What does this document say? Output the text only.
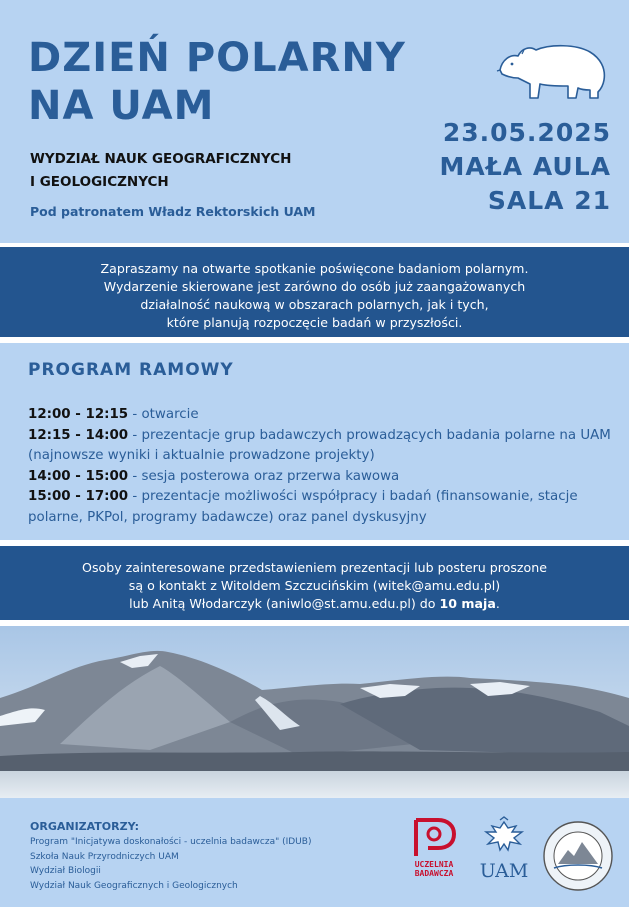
DZIEŃ POLARNY
NA UAM
WYDZIAŁ NAUK GEOGRAFICZNYCH
I GEOLOGICZNYCH
Pod patronatem Władz Rektorskich UAM
23.05.2025
MAŁA AULA
SALA 21

Zapraszamy na otwarte spotkanie poświęcone badaniom polarnym.

Wydarzenie skierowane jest zarówno do osób już zaangażowanych

działalność naukową w obszarach polarnych, jak i tych,

które planują rozpoczęcie badań w przyszłości.

PROGRAM RAMOWY
12:00 - 12:15 - otwarcie
12:15 - 14:00 - prezentacje grup badawczych prowadzących badania polarne na UAM (najnowsze wyniki i aktualnie prowadzone projekty)
14:00 - 15:00 - sesja posterowa oraz przerwa kawowa
15:00 - 17:00 - prezentacje możliwości współpracy i badań (finansowanie, stacje polarne, PKPol, programy badawcze) oraz panel dyskusyjny

Osoby zainteresowane przedstawieniem prezentacji lub posteru proszone

są o kontakt z Witoldem Szczucińskim (witek@amu.edu.pl)

lub Anitą Włodarczyk (aniwlo@st.amu.edu.pl) do 10 maja.

ORGANIZATORZY:
Program "Inicjatywa doskonałości - uczelnia badawcza" (IDUB)
Szkoła Nauk Przyrodniczych UAM
Wydział Biologii
Wydział Nauk Geograficznych i Geologicznych
UCZELNIA
BADAWCZA	UAM
